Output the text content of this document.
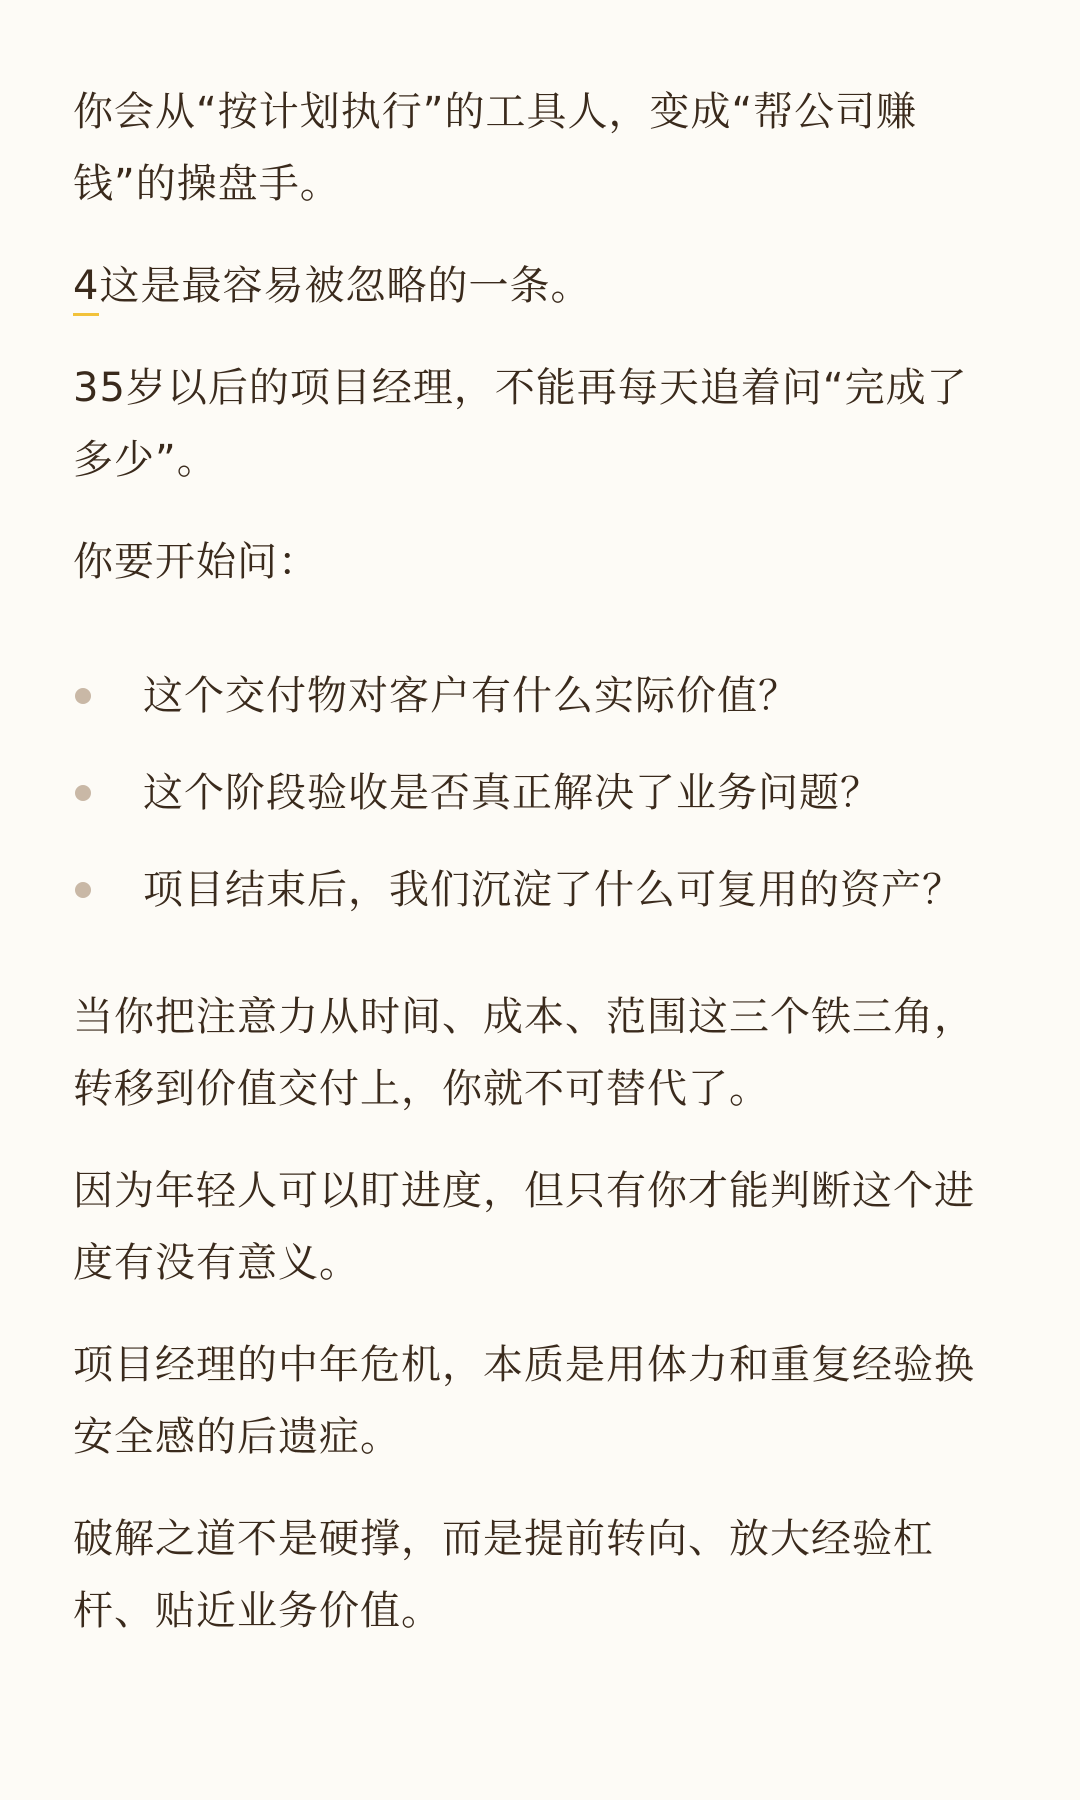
你会从“按计划执行”的工具人，变成“帮公司赚钱”的操盘手。

4这是最容易被忽略的一条。

35岁以后的项目经理，不能再每天追着问“完成了多少”。

你要开始问：

这个交付物对客户有什么实际价值？
这个阶段验收是否真正解决了业务问题？
项目结束后，我们沉淀了什么可复用的资产？

当你把注意力从时间、成本、范围这三个铁三角，转移到价值交付上，你就不可替代了。

因为年轻人可以盯进度，但只有你才能判断这个进度有没有意义。

项目经理的中年危机，本质是用体力和重复经验换安全感的后遗症。

破解之道不是硬撑，而是提前转向、放大经验杠杆、贴近业务价值。
